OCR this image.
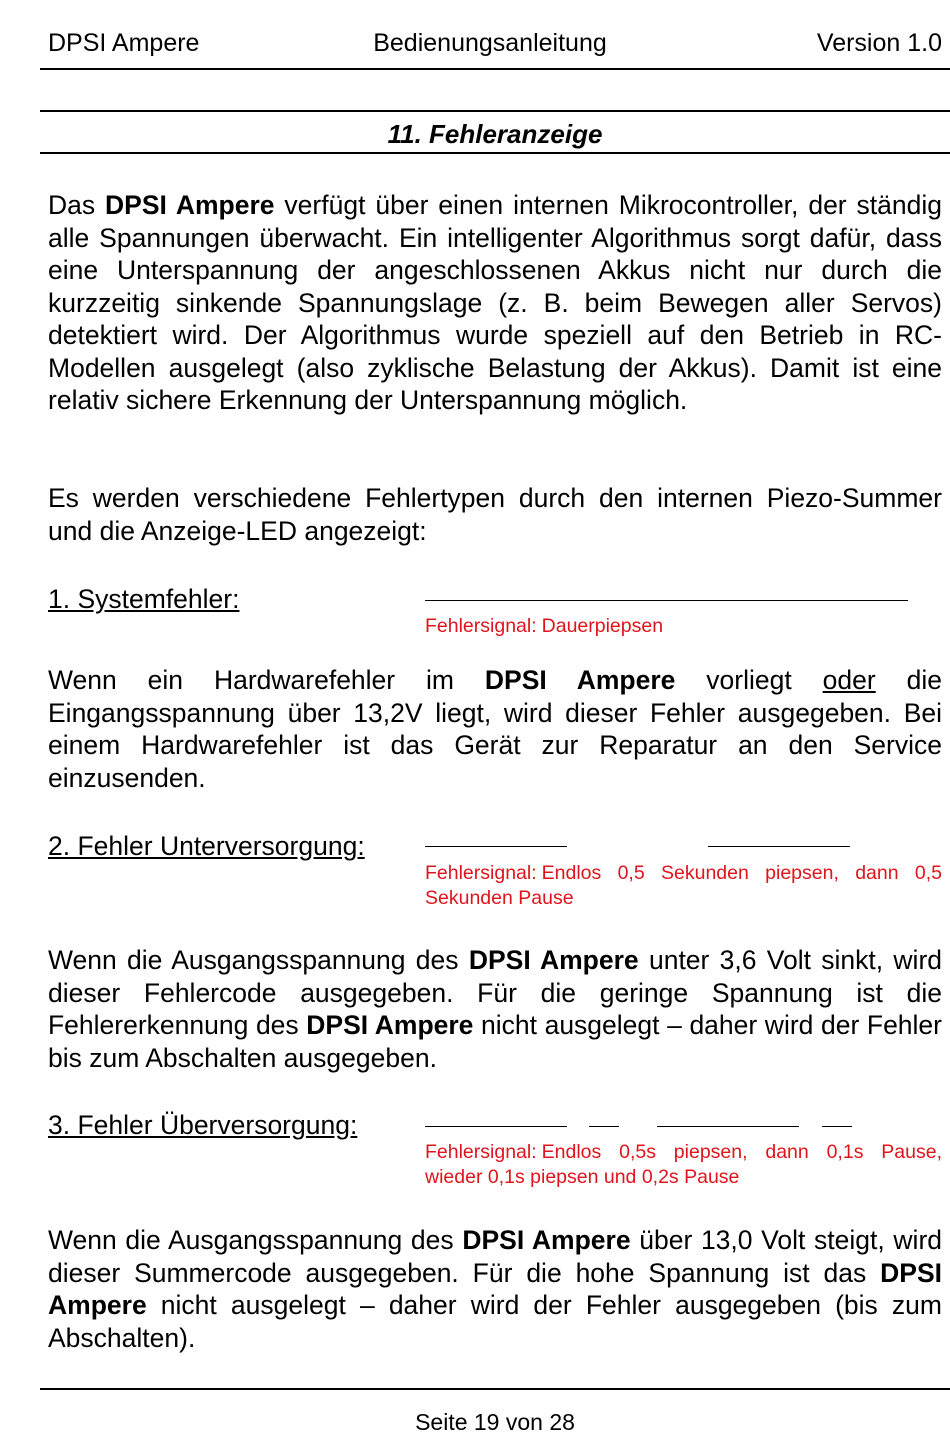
DPSI Ampere	Bedienungsanleitung	Version 1.0
11. Fehleranzeige

Das DPSI Ampere verfügt über einen internen Mikrocontroller, der ständig alle Spannungen überwacht. Ein intelligenter Algorithmus sorgt dafür, dass eine Unterspannung der angeschlossenen Akkus nicht nur durch die kurzzeitig sinkende Spannungslage (z. B. beim Bewegen aller Servos) detektiert wird. Der Algorithmus wurde speziell auf den Betrieb in RC-Modellen ausgelegt (also zyklische Belastung der Akkus). Damit ist eine relativ sichere Erkennung der Unterspannung möglich.

Es werden verschiedene Fehlertypen durch den internen Piezo-Summer und die Anzeige-LED angezeigt:

1. Systemfehler:
Fehlersignal: Dauerpiepsen

Wenn ein Hardwarefehler im DPSI Ampere vorliegt oder die Eingangsspannung über 13,2V liegt, wird dieser Fehler ausgegeben. Bei einem Hardwarefehler ist das Gerät zur Reparatur an den Service einzusenden.

2. Fehler Unterversorgung:
Fehlersignal: Endlos 0,5 Sekunden piepsen, dann 0,5 Sekunden Pause

Wenn die Ausgangsspannung des DPSI Ampere unter 3,6 Volt sinkt, wird dieser Fehlercode ausgegeben. Für die geringe Spannung ist die Fehlererkennung des DPSI Ampere nicht ausgelegt – daher wird der Fehler bis zum Abschalten ausgegeben.

3. Fehler Überversorgung:
Fehlersignal: Endlos 0,5s piepsen, dann 0,1s Pause, wieder 0,1s piepsen und 0,2s Pause

Wenn die Ausgangsspannung des DPSI Ampere über 13,0 Volt steigt, wird dieser Summercode ausgegeben. Für die hohe Spannung ist das DPSI Ampere nicht ausgelegt – daher wird der Fehler ausgegeben (bis zum Abschalten).

Seite 19 von 28
